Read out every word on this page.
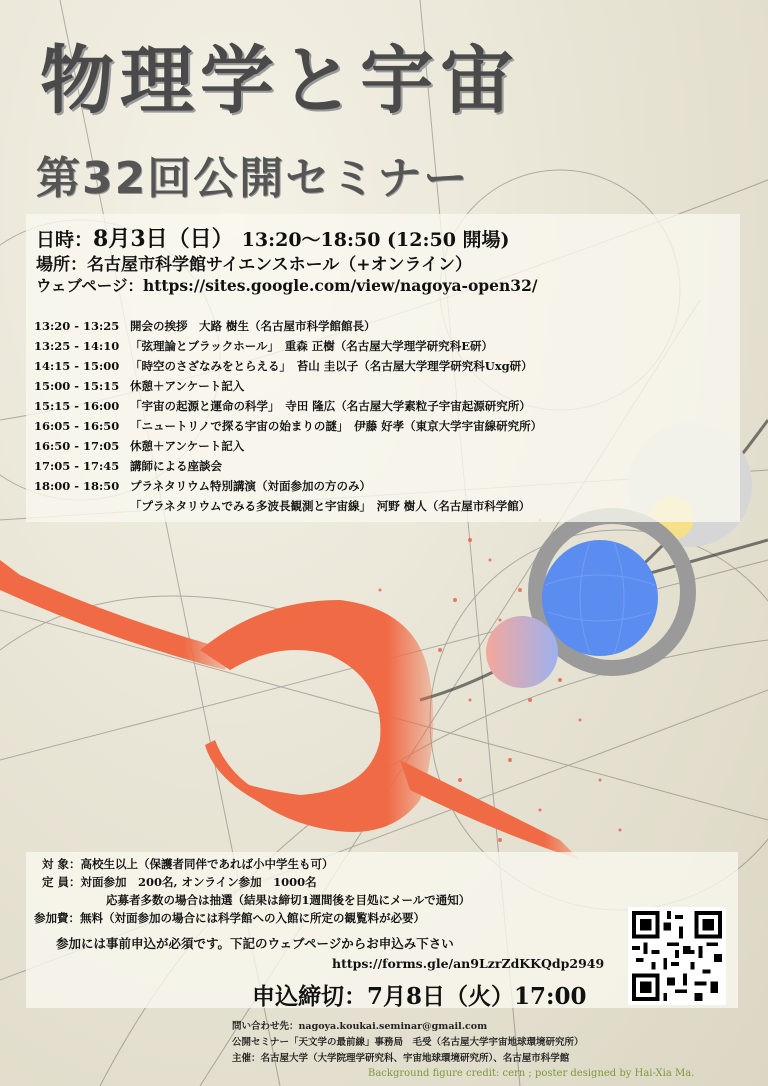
物理学と宇宙
第32回公開セミナー
日時：8月3日（日）　 13:20〜18:50 (12:50 開場)
場所：名古屋市科学館サイエンスホール（+オンライン）
ウェブページ：https://sites.google.com/view/nagoya-open32/
13:20 - 13:25 開会の挨拶　大路 樹生（名古屋市科学館館長）
13:25 - 14:10 「弦理論とブラックホール」　重森 正樹（名古屋大学理学研究科E研）
14:15 - 15:00 「時空のさざなみをとらえる」　苔山 圭以子（名古屋大学理学研究科Uxg研）
15:00 - 15:15 休憩＋アンケート記入
15:15 - 16:00 「宇宙の起源と運命の科学」　寺田 隆広（名古屋大学素粒子宇宙起源研究所）
16:05 - 16:50 「ニュートリノで探る宇宙の始まりの謎」　伊藤 好孝（東京大学宇宙線研究所）
16:50 - 17:05 休憩＋アンケート記入
17:05 - 17:45 講師による座談会
18:00 - 18:50 プラネタリウム特別講演（対面参加の方のみ）
「プラネタリウムでみる多波長観測と宇宙線」　河野 樹人（名古屋市科学館）
対 象：高校生以上（保護者同伴であれば小中学生も可）
定 員：対面参加　200名, オンライン参加　1000名
応募者多数の場合は抽選（結果は締切1週間後を目処にメールで通知）
参加費：無料（対面参加の場合には科学館への入館に所定の観覧料が必要）
参加には事前申込が必須です。下記のウェブページからお申込み下さい
https://forms.gle/an9LzrZdKKQdp2949
申込締切：7月8日（火）17:00
問い合わせ先：nagoya.koukai.seminar@gmail.com
公開セミナー「天文学の最前線」事務局　毛受（名古屋大学宇宙地球環境研究所）
主催：名古屋大学（大学院理学研究科、宇宙地球環境研究所）、名古屋市科学館
Background figure credit: cern ; poster designed by Hai-Xia Ma.
